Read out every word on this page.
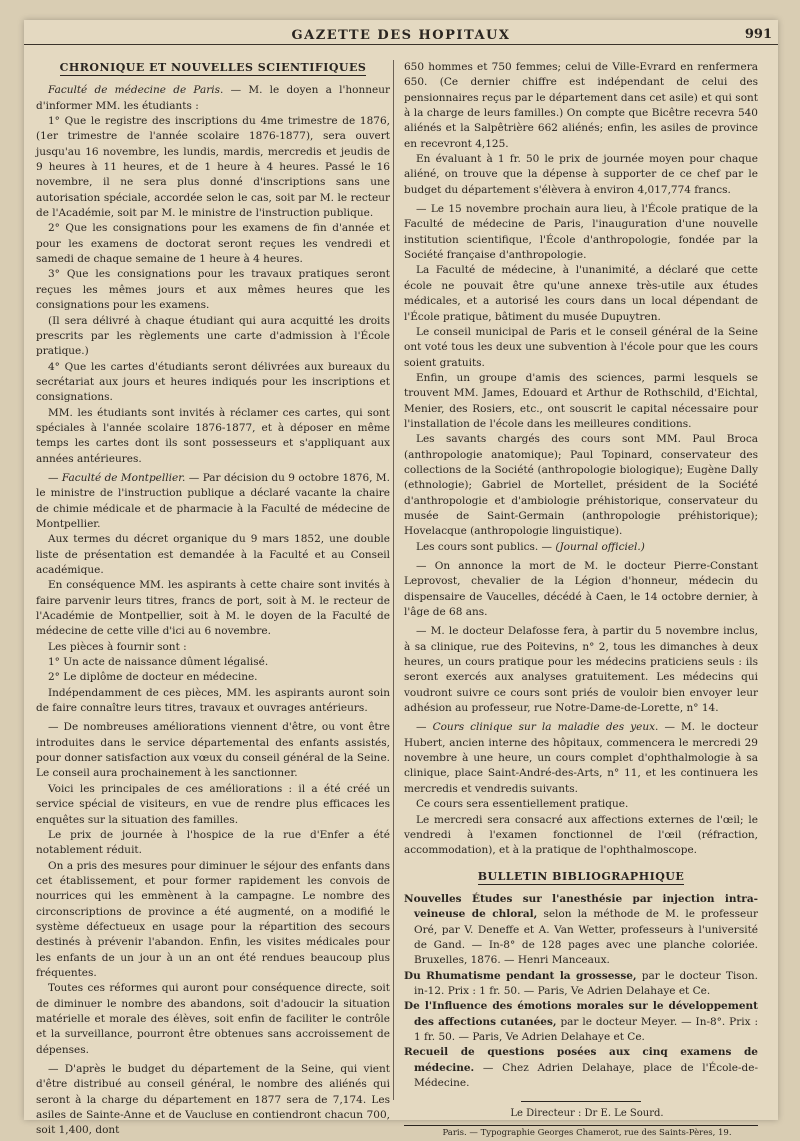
GAZETTE DES HOPITAUX	991
CHRONIQUE ET NOUVELLES SCIENTIFIQUES

Faculté de médecine de Paris. — M. le doyen a l'honneur d'informer MM. les étudiants :

1° Que le registre des inscriptions du 4me trimestre de 1876, (1er trimestre de l'année scolaire 1876-1877), sera ouvert jusqu'au 16 novembre, les lundis, mardis, mercredis et jeudis de 9 heures à 11 heures, et de 1 heure à 4 heures. Passé le 16 novembre, il ne sera plus donné d'inscriptions sans une autorisation spéciale, accordée selon le cas, soit par M. le recteur de l'Académie, soit par M. le ministre de l'instruction publique.

2° Que les consignations pour les examens de fin d'année et pour les examens de doctorat seront reçues les vendredi et samedi de chaque semaine de 1 heure à 4 heures.

3° Que les consignations pour les travaux pratiques seront reçues les mêmes jours et aux mêmes heures que les consignations pour les examens.

(Il sera délivré à chaque étudiant qui aura acquitté les droits prescrits par les règlements une carte d'admission à l'École pratique.)

4° Que les cartes d'étudiants seront délivrées aux bureaux du secrétariat aux jours et heures indiqués pour les inscriptions et consignations.

MM. les étudiants sont invités à réclamer ces cartes, qui sont spéciales à l'année scolaire 1876-1877, et à déposer en même temps les cartes dont ils sont possesseurs et s'appliquant aux années antérieures.

— Faculté de Montpellier. — Par décision du 9 octobre 1876, M. le ministre de l'instruction publique a déclaré vacante la chaire de chimie médicale et de pharmacie à la Faculté de médecine de Montpellier.

Aux termes du décret organique du 9 mars 1852, une double liste de présentation est demandée à la Faculté et au Conseil académique.

En conséquence MM. les aspirants à cette chaire sont invités à faire parvenir leurs titres, francs de port, soit à M. le recteur de l'Académie de Montpellier, soit à M. le doyen de la Faculté de médecine de cette ville d'ici au 6 novembre.

Les pièces à fournir sont :

1° Un acte de naissance dûment légalisé.

2° Le diplôme de docteur en médecine.

Indépendamment de ces pièces, MM. les aspirants auront soin de faire connaître leurs titres, travaux et ouvrages antérieurs.

— De nombreuses améliorations viennent d'être, ou vont être introduites dans le service départemental des enfants assistés, pour donner satisfaction aux vœux du conseil général de la Seine. Le conseil aura prochainement à les sanctionner.

Voici les principales de ces améliorations : il a été créé un service spécial de visiteurs, en vue de rendre plus efficaces les enquêtes sur la situation des familles.

Le prix de journée à l'hospice de la rue d'Enfer a été notablement réduit.

On a pris des mesures pour diminuer le séjour des enfants dans cet établissement, et pour former rapidement les convois de nourrices qui les emmènent à la campagne. Le nombre des circonscriptions de province a été augmenté, on a modifié le système défectueux en usage pour la répartition des secours destinés à prévenir l'abandon. Enfin, les visites médicales pour les enfants de un jour à un an ont été rendues beaucoup plus fréquentes.

Toutes ces réformes qui auront pour conséquence directe, soit de diminuer le nombre des abandons, soit d'adoucir la situation matérielle et morale des élèves, soit enfin de faciliter le contrôle et la surveillance, pourront être obtenues sans accroissement de dépenses.

— D'après le budget du département de la Seine, qui vient d'être distribué au conseil général, le nombre des aliénés qui seront à la charge du département en 1877 sera de 7,174. Les asiles de Sainte-Anne et de Vaucluse en contiendront chacun 700, soit 1,400, dont

650 hommes et 750 femmes; celui de Ville-Evrard en renfermera 650. (Ce dernier chiffre est indépendant de celui des pensionnaires reçus par le département dans cet asile) et qui sont à la charge de leurs familles.) On compte que Bicêtre recevra 540 aliénés et la Salpêtrière 662 aliénés; enfin, les asiles de province en recevront 4,125.

En évaluant à 1 fr. 50 le prix de journée moyen pour chaque aliéné, on trouve que la dépense à supporter de ce chef par le budget du département s'élèvera à environ 4,017,774 francs.

— Le 15 novembre prochain aura lieu, à l'École pratique de la Faculté de médecine de Paris, l'inauguration d'une nouvelle institution scientifique, l'École d'anthropologie, fondée par la Société française d'anthropologie.

La Faculté de médecine, à l'unanimité, a déclaré que cette école ne pouvait être qu'une annexe très-utile aux études médicales, et a autorisé les cours dans un local dépendant de l'École pratique, bâtiment du musée Dupuytren.

Le conseil municipal de Paris et le conseil général de la Seine ont voté tous les deux une subvention à l'école pour que les cours soient gratuits.

Enfin, un groupe d'amis des sciences, parmi lesquels se trouvent MM. James, Edouard et Arthur de Rothschild, d'Eichtal, Menier, des Rosiers, etc., ont souscrit le capital nécessaire pour l'installation de l'école dans les meilleures conditions.

Les savants chargés des cours sont MM. Paul Broca (anthropologie anatomique); Paul Topinard, conservateur des collections de la Société (anthropologie biologique); Eugène Dally (ethnologie); Gabriel de Mortellet, président de la Société d'anthropologie et d'ambiologie préhistorique, conservateur du musée de Saint-Germain (anthropologie préhistorique); Hovelacque (anthropologie linguistique).

Les cours sont publics. — (Journal officiel.)

— On annonce la mort de M. le docteur Pierre-Constant Leprovost, chevalier de la Légion d'honneur, médecin du dispensaire de Vaucelles, décédé à Caen, le 14 octobre dernier, à l'âge de 68 ans.

— M. le docteur Delafosse fera, à partir du 5 novembre inclus, à sa clinique, rue des Poitevins, n° 2, tous les dimanches à deux heures, un cours pratique pour les médecins praticiens seuls : ils seront exercés aux analyses gratuitement. Les médecins qui voudront suivre ce cours sont priés de vouloir bien envoyer leur adhésion au professeur, rue Notre-Dame-de-Lorette, n° 14.

— Cours clinique sur la maladie des yeux. — M. le docteur Hubert, ancien interne des hôpitaux, commencera le mercredi 29 novembre à une heure, un cours complet d'ophthalmologie à sa clinique, place Saint-André-des-Arts, n° 11, et les continuera les mercredis et vendredis suivants.

Ce cours sera essentiellement pratique.

Le mercredi sera consacré aux affections externes de l'œil; le vendredi à l'examen fonctionnel de l'œil (réfraction, accommodation), et à la pratique de l'ophthalmoscope.

BULLETIN BIBLIOGRAPHIQUE

Nouvelles Études sur l'anesthésie par injection intra-veineuse de chloral, selon la méthode de M. le professeur Oré, par V. Deneffe et A. Van Wetter, professeurs à l'université de Gand. — In-8° de 128 pages avec une planche coloriée. Bruxelles, 1876. — Henri Manceaux.

Du Rhumatisme pendant la grossesse, par le docteur Tison. in-12. Prix : 1 fr. 50. — Paris, Ve Adrien Delahaye et Ce.

De l'Influence des émotions morales sur le développement des affections cutanées, par le docteur Meyer. — In-8°. Prix : 1 fr. 50. — Paris, Ve Adrien Delahaye et Ce.

Recueil de questions posées aux cinq examens de médecine. — Chez Adrien Delahaye, place de l'École-de-Médecine.

Le Directeur : Dr E. Le Sourd.

Paris. — Typographie Georges Chamerot, rue des Saints-Pères, 19.
